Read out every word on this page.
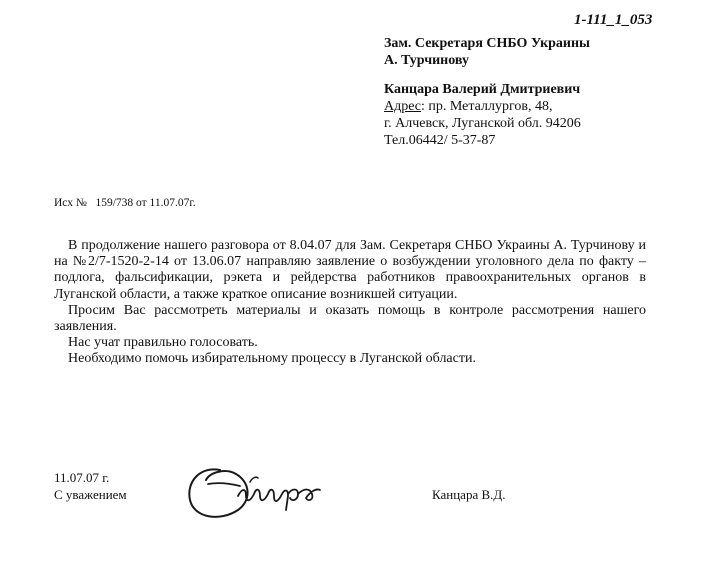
1-111_1_053
Зам. Секретаря СНБО Украины
А. Турчинову
Канцара Валерий Дмитриевич
Адрес: пр. Металлургов, 48,
г. Алчевск, Луганской обл. 94206
Тел.06442/ 5-37-87
Исх №   159/738 от 11.07.07г.

В продолжение нашего разговора от 8.04.07 для Зам. Секретаря СНБО Украины А. Турчинову и на №2/7-1520-2-14 от 13.06.07 направляю заявление о возбуждении уголовного дела по факту – подлога, фальсификации, рэкета и рейдерства работников правоохранительных органов в Луганской области, а также краткое описание возникшей ситуации.

Просим Вас рассмотреть материалы и оказать помощь в контроле рассмотрения нашего заявления.

Нас учат правильно голосовать.

Необходимо помочь избирательному процессу в Луганской области.

11.07.07 г.
С уважением	Канцара В.Д.
